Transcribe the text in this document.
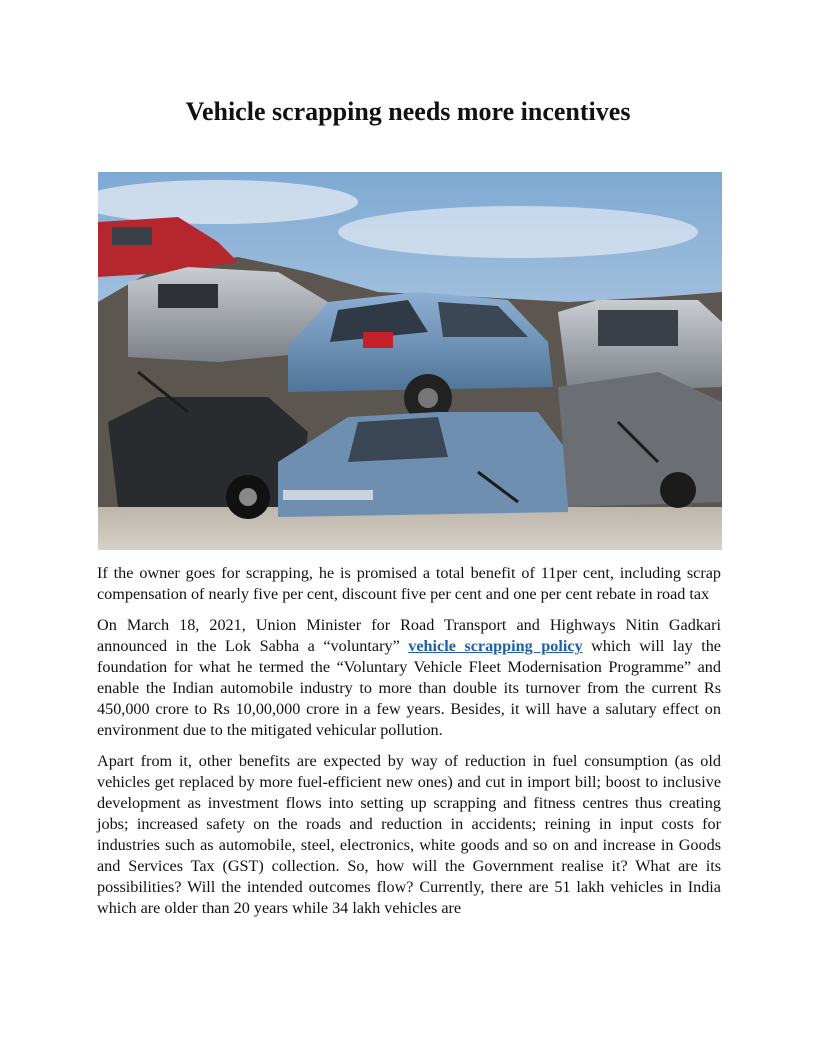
Vehicle scrapping needs more incentives

If the owner goes for scrapping, he is promised a total benefit of 11per cent, including scrap compensation of nearly five per cent, discount five per cent and one per cent rebate in road tax

On March 18, 2021, Union Minister for Road Transport and Highways Nitin Gadkari announced in the Lok Sabha a “voluntary” vehicle scrapping policy which will lay the foundation for what he termed the “Voluntary Vehicle Fleet Modernisation Programme” and enable the Indian automobile industry to more than double its turnover from the current Rs 450,000 crore to Rs 10,00,000 crore in a few years. Besides, it will have a salutary effect on environment due to the mitigated vehicular pollution.

Apart from it, other benefits are expected by way of reduction in fuel consumption (as old vehicles get replaced by more fuel-efficient new ones) and cut in import bill; boost to inclusive development as investment flows into setting up scrapping and fitness centres thus creating jobs; increased safety on the roads and reduction in accidents; reining in input costs for industries such as automobile, steel, electronics, white goods and so on and increase in Goods and Services Tax (GST) collection. So, how will the Government realise it? What are its possibilities? Will the intended outcomes flow? Currently, there are 51 lakh vehicles in India which are older than 20 years while 34 lakh vehicles are
